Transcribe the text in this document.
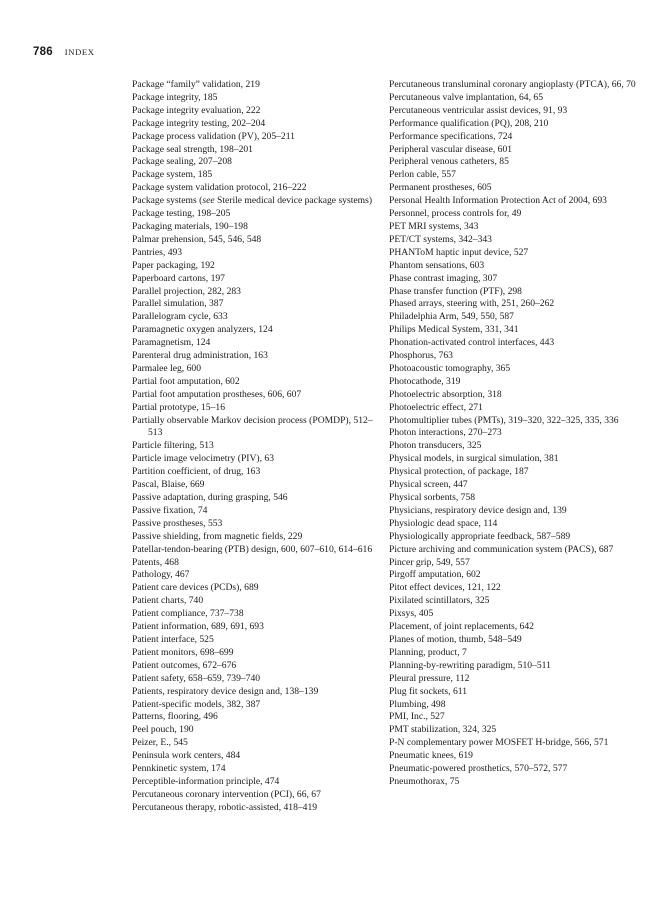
786 INDEX
Package “family” validation, 219
Package integrity, 185
Package integrity evaluation, 222
Package integrity testing, 202–204
Package process validation (PV), 205–211
Package seal strength, 198–201
Package sealing, 207–208
Package system, 185
Package system validation protocol, 216–222
Package systems (see Sterile medical device package systems)
Package testing, 198–205
Packaging materials, 190–198
Palmar prehension, 545, 546, 548
Pantries, 493
Paper packaging, 192
Paperboard cartons, 197
Parallel projection, 282, 283
Parallel simulation, 387
Parallelogram cycle, 633
Paramagnetic oxygen analyzers, 124
Paramagnetism, 124
Parenteral drug administration, 163
Parmalee leg, 600
Partial foot amputation, 602
Partial foot amputation prostheses, 606, 607
Partial prototype, 15–16
Partially observable Markov decision process (POMDP), 512–513
Particle filtering, 513
Particle image velocimetry (PIV), 63
Partition coefficient, of drug, 163
Pascal, Blaise, 669
Passive adaptation, during grasping, 546
Passive fixation, 74
Passive prostheses, 553
Passive shielding, from magnetic fields, 229
Patellar-tendon-bearing (PTB) design, 600, 607–610, 614–616
Patents, 468
Pathology, 467
Patient care devices (PCDs), 689
Patient charts, 740
Patient compliance, 737–738
Patient information, 689, 691, 693
Patient interface, 525
Patient monitors, 698–699
Patient outcomes, 672–676
Patient safety, 658–659, 739–740
Patients, respiratory device design and, 138–139
Patient-specific models, 382, 387
Patterns, flooring, 496
Peel pouch, 190
Peizer, E., 545
Peninsula work centers, 484
Pennkinetic system, 174
Perceptible-information principle, 474
Percutaneous coronary intervention (PCI), 66, 67
Percutaneous therapy, robotic-assisted, 418–419
Percutaneous transluminal coronary angioplasty (PTCA), 66, 70
Percutaneous valve implantation, 64, 65
Percutaneous ventricular assist devices, 91, 93
Performance qualification (PQ), 208, 210
Performance specifications, 724
Peripheral vascular disease, 601
Peripheral venous catheters, 85
Perlon cable, 557
Permanent prostheses, 605
Personal Health Information Protection Act of 2004, 693
Personnel, process controls for, 49
PET MRI systems, 343
PET/CT systems, 342–343
PHANToM haptic input device, 527
Phantom sensations, 603
Phase contrast imaging, 307
Phase transfer function (PTF), 298
Phased arrays, steering with, 251, 260–262
Philadelphia Arm, 549, 550, 587
Philips Medical System, 331, 341
Phonation-activated control interfaces, 443
Phosphorus, 763
Photoacoustic tomography, 365
Photocathode, 319
Photoelectric absorption, 318
Photoelectric effect, 271
Photomultiplier tubes (PMTs), 319–320, 322–325, 335, 336
Photon interactions, 270–273
Photon transducers, 325
Physical models, in surgical simulation, 381
Physical protection, of package, 187
Physical screen, 447
Physical sorbents, 758
Physicians, respiratory device design and, 139
Physiologic dead space, 114
Physiologically appropriate feedback, 587–589
Picture archiving and communication system (PACS), 687
Pincer grip, 549, 557
Pirgoff amputation, 602
Pitot effect devices, 121, 122
Pixilated scintillators, 325
Pixsys, 405
Placement, of joint replacements, 642
Planes of motion, thumb, 548–549
Planning, product, 7
Planning-by-rewriting paradigm, 510–511
Pleural pressure, 112
Plug fit sockets, 611
Plumbing, 498
PMI, Inc., 527
PMT stabilization, 324, 325
P-N complementary power MOSFET H-bridge, 566, 571
Pneumatic knees, 619
Pneumatic-powered prosthetics, 570–572, 577
Pneumothorax, 75
